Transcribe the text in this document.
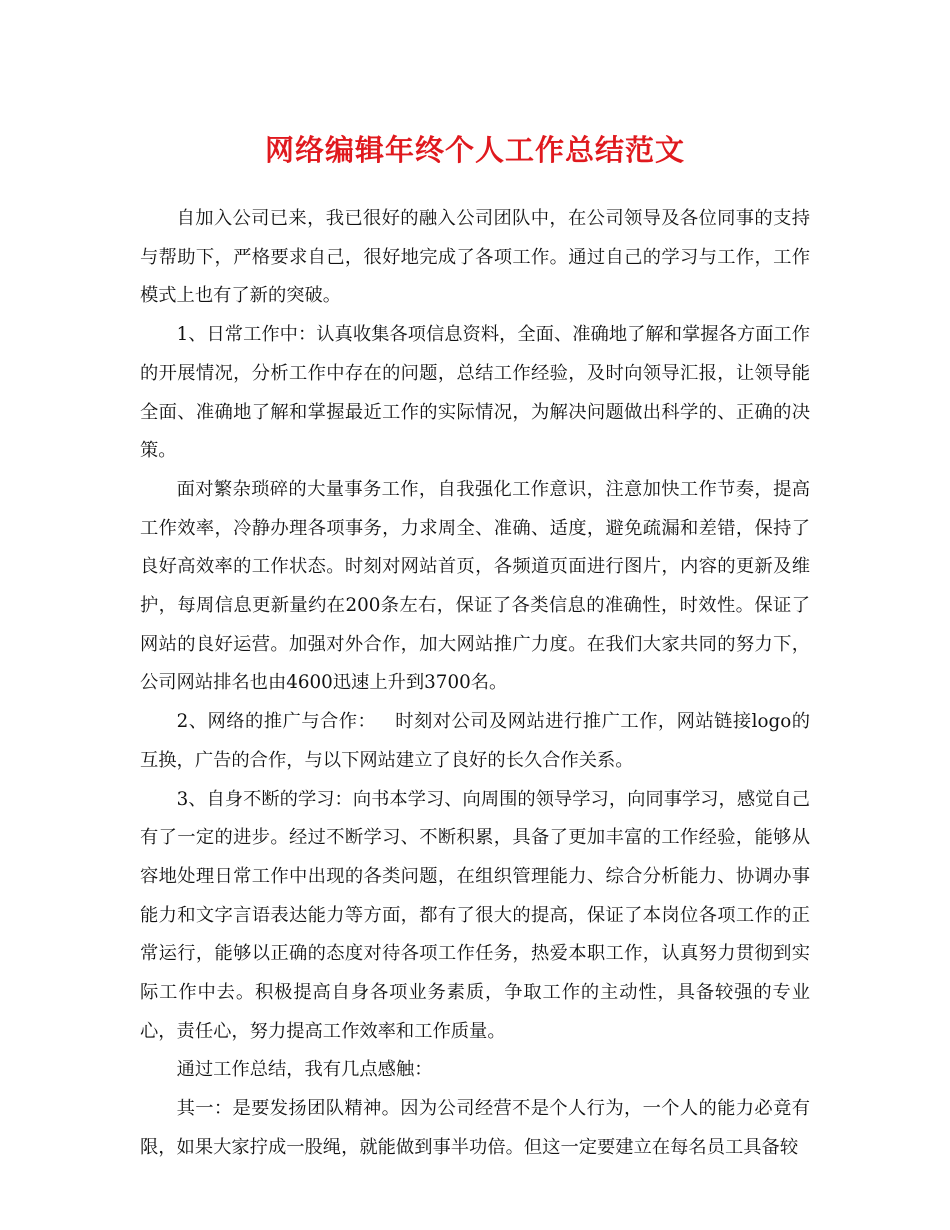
网络编辑年终个人工作总结范文

自加入公司已来，我已很好的融入公司团队中，在公司领导及各位同事的支持与帮助下，严格要求自己，很好地完成了各项工作。通过自己的学习与工作，工作模式上也有了新的突破。

1、日常工作中：认真收集各项信息资料，全面、准确地了解和掌握各方面工作的开展情况，分析工作中存在的问题，总结工作经验，及时向领导汇报，让领导能全面、准确地了解和掌握最近工作的实际情况，为解决问题做出科学的、正确的决策。

面对繁杂琐碎的大量事务工作，自我强化工作意识，注意加快工作节奏，提高工作效率，冷静办理各项事务，力求周全、准确、适度，避免疏漏和差错，保持了良好高效率的工作状态。时刻对网站首页，各频道页面进行图片，内容的更新及维护，每周信息更新量约在200条左右，保证了各类信息的准确性，时效性。保证了网站的良好运营。加强对外合作，加大网站推广力度。在我们大家共同的努力下，公司网站排名也由4600迅速上升到3700名。

2、网络的推广与合作：   时刻对公司及网站进行推广工作，网站链接logo的互换，广告的合作，与以下网站建立了良好的长久合作关系。

3、自身不断的学习：向书本学习、向周围的领导学习，向同事学习，感觉自己有了一定的进步。经过不断学习、不断积累，具备了更加丰富的工作经验，能够从容地处理日常工作中出现的各类问题，在组织管理能力、综合分析能力、协调办事能力和文字言语表达能力等方面，都有了很大的提高，保证了本岗位各项工作的正常运行，能够以正确的态度对待各项工作任务，热爱本职工作，认真努力贯彻到实际工作中去。积极提高自身各项业务素质，争取工作的主动性，具备较强的专业心，责任心，努力提高工作效率和工作质量。

通过工作总结，我有几点感触：

其一：是要发扬团队精神。因为公司经营不是个人行为，一个人的能力必竟有限，如果大家拧成一股绳，就能做到事半功倍。但这一定要建立在每名员工具备较
